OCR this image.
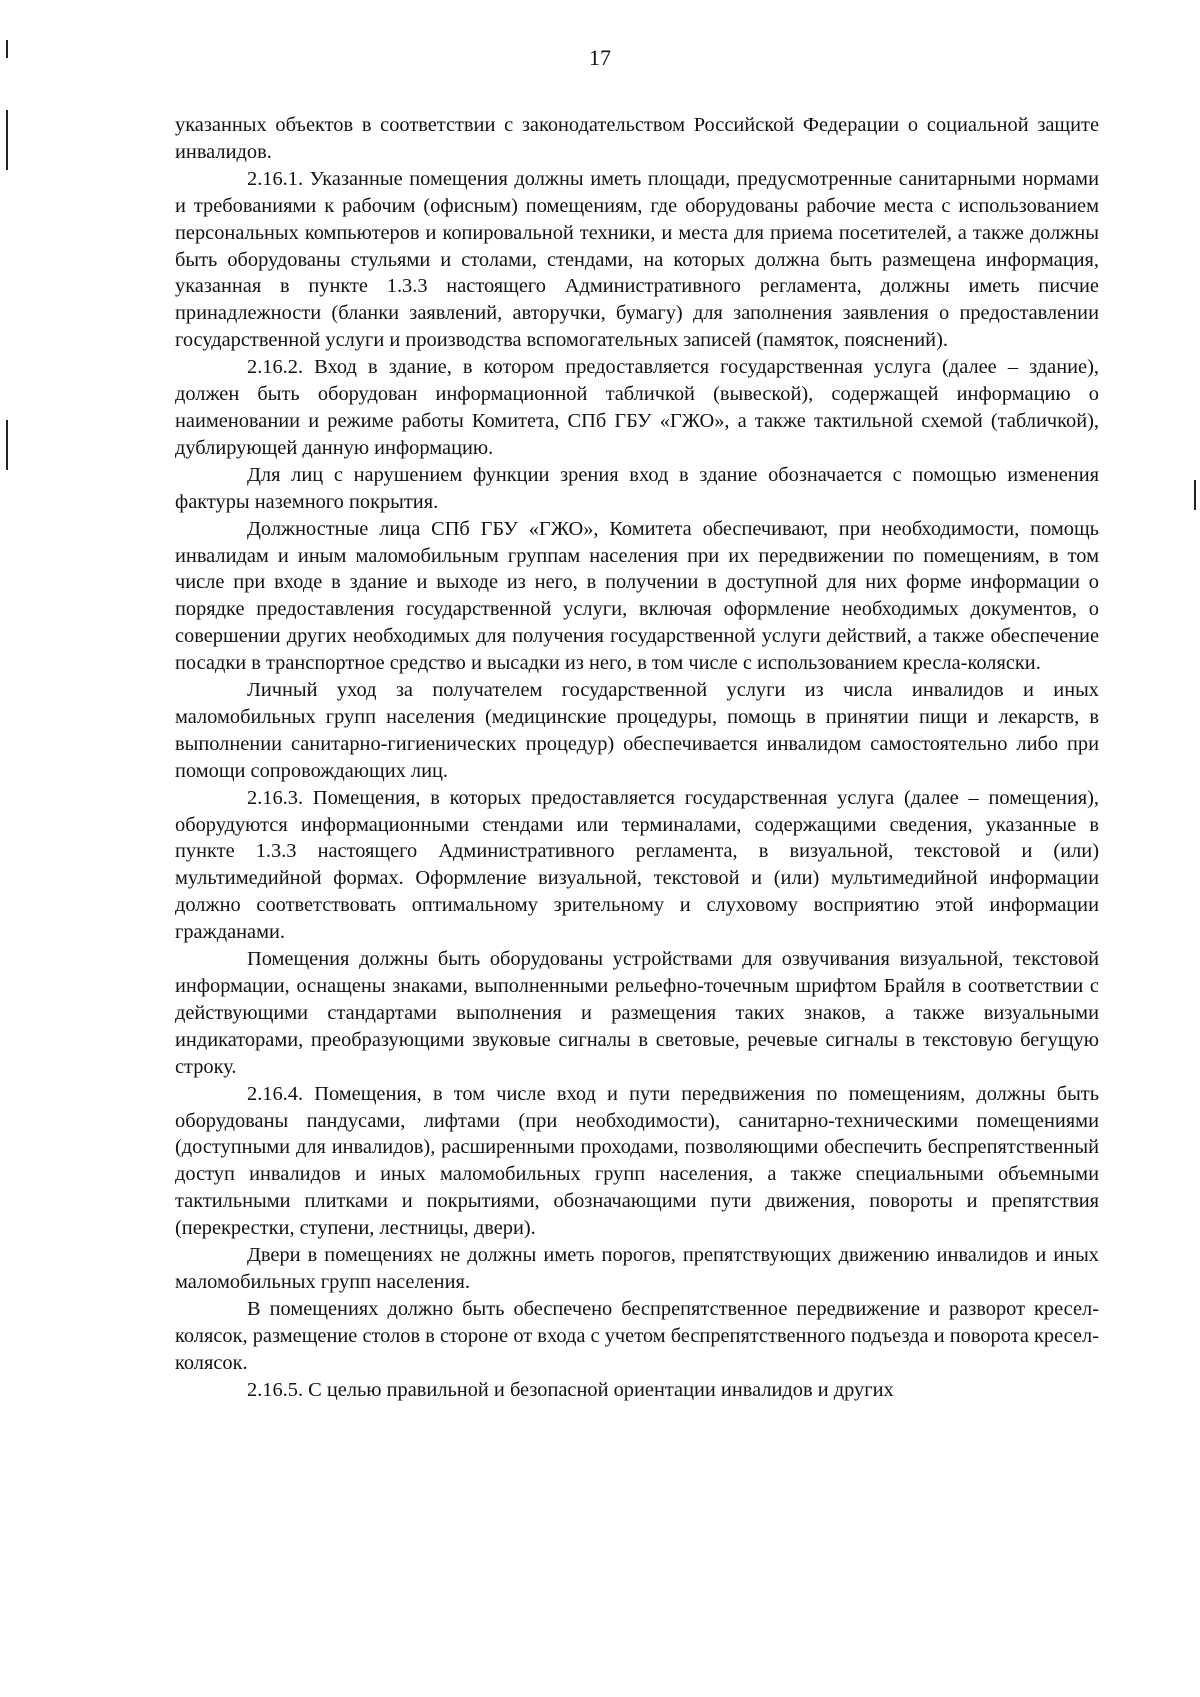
17

указанных объектов в соответствии с законодательством Российской Федерации о социальной защите инвалидов.

2.16.1. Указанные помещения должны иметь площади, предусмотренные санитарными нормами и требованиями к рабочим (офисным) помещениям, где оборудованы рабочие места с использованием персональных компьютеров и копировальной техники, и места для приема посетителей, а также должны быть оборудованы стульями и столами, стендами, на которых должна быть размещена информация, указанная в пункте 1.3.3 настоящего Административного регламента, должны иметь писчие принадлежности (бланки заявлений, авторучки, бумагу) для заполнения заявления о предоставлении государственной услуги и производства вспомогательных записей (памяток, пояснений).

2.16.2. Вход в здание, в котором предоставляется государственная услуга (далее – здание), должен быть оборудован информационной табличкой (вывеской), содержащей информацию о наименовании и режиме работы Комитета, СПб ГБУ «ГЖО», а также тактильной схемой (табличкой), дублирующей данную информацию.

Для лиц с нарушением функции зрения вход в здание обозначается с помощью изменения фактуры наземного покрытия.

Должностные лица СПб ГБУ «ГЖО», Комитета обеспечивают, при необходимости, помощь инвалидам и иным маломобильным группам населения при их передвижении по помещениям, в том числе при входе в здание и выходе из него, в получении в доступной для них форме информации о порядке предоставления государственной услуги, включая оформление необходимых документов, о совершении других необходимых для получения государственной услуги действий, а также обеспечение посадки в транспортное средство и высадки из него, в том числе с использованием кресла-коляски.

Личный уход за получателем государственной услуги из числа инвалидов и иных маломобильных групп населения (медицинские процедуры, помощь в принятии пищи и лекарств, в выполнении санитарно-гигиенических процедур) обеспечивается инвалидом самостоятельно либо при помощи сопровождающих лиц.

2.16.3. Помещения, в которых предоставляется государственная услуга (далее – помещения), оборудуются информационными стендами или терминалами, содержащими сведения, указанные в пункте 1.3.3 настоящего Административного регламента, в визуальной, текстовой и (или) мультимедийной формах. Оформление визуальной, текстовой и (или) мультимедийной информации должно соответствовать оптимальному зрительному и слуховому восприятию этой информации гражданами.

Помещения должны быть оборудованы устройствами для озвучивания визуальной, текстовой информации, оснащены знаками, выполненными рельефно-точечным шрифтом Брайля в соответствии с действующими стандартами выполнения и размещения таких знаков, а также визуальными индикаторами, преобразующими звуковые сигналы в световые, речевые сигналы в текстовую бегущую строку.

2.16.4. Помещения, в том числе вход и пути передвижения по помещениям, должны быть оборудованы пандусами, лифтами (при необходимости), санитарно-техническими помещениями (доступными для инвалидов), расширенными проходами, позволяющими обеспечить беспрепятственный доступ инвалидов и иных маломобильных групп населения, а также специальными объемными тактильными плитками и покрытиями, обозначающими пути движения, повороты и препятствия (перекрестки, ступени, лестницы, двери).

Двери в помещениях не должны иметь порогов, препятствующих движению инвалидов и иных маломобильных групп населения.

В помещениях должно быть обеспечено беспрепятственное передвижение и разворот кресел-колясок, размещение столов в стороне от входа с учетом беспрепятственного подъезда и поворота кресел-колясок.

2.16.5. С целью правильной и безопасной ориентации инвалидов и других
